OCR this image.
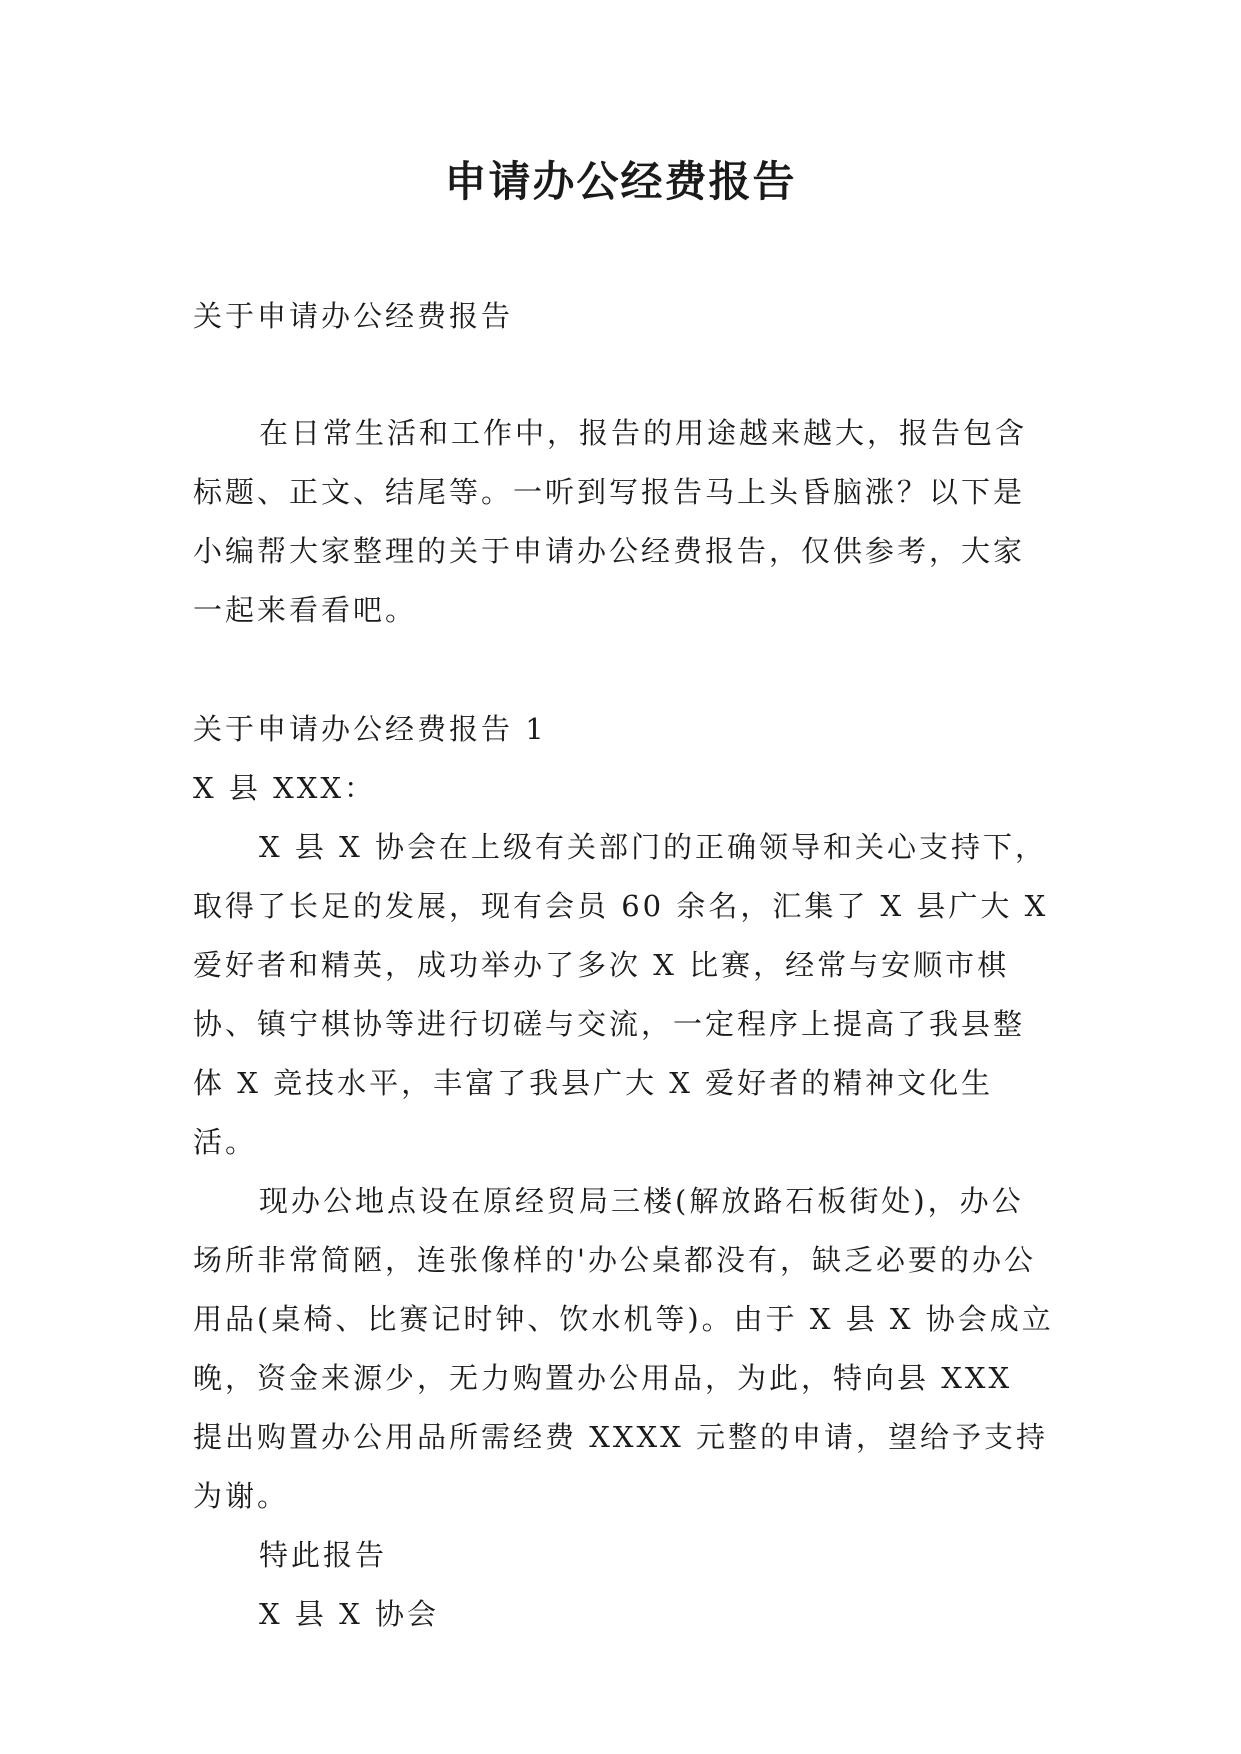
申请办公经费报告

关于申请办公经费报告

在日常生活和工作中，报告的用途越来越大，报告包含标题、正文、结尾等。一听到写报告马上头昏脑涨？以下是小编帮大家整理的关于申请办公经费报告，仅供参考，大家一起来看看吧。

关于申请办公经费报告 1

X 县 XXX：

X 县 X 协会在上级有关部门的正确领导和关心支持下，取得了长足的发展，现有会员 60 余名，汇集了 X 县广大 X 爱好者和精英，成功举办了多次 X 比赛，经常与安顺市棋协、镇宁棋协等进行切磋与交流，一定程序上提高了我县整体 X 竞技水平，丰富了我县广大 X 爱好者的精神文化生活。

现办公地点设在原经贸局三楼(解放路石板街处)，办公场所非常简陋，连张像样的'办公桌都没有，缺乏必要的办公用品(桌椅、比赛记时钟、饮水机等)。由于 X 县 X 协会成立晚，资金来源少，无力购置办公用品，为此，特向县 XXX 提出购置办公用品所需经费 XXXX 元整的申请，望给予支持为谢。

特此报告

X 县 X 协会
